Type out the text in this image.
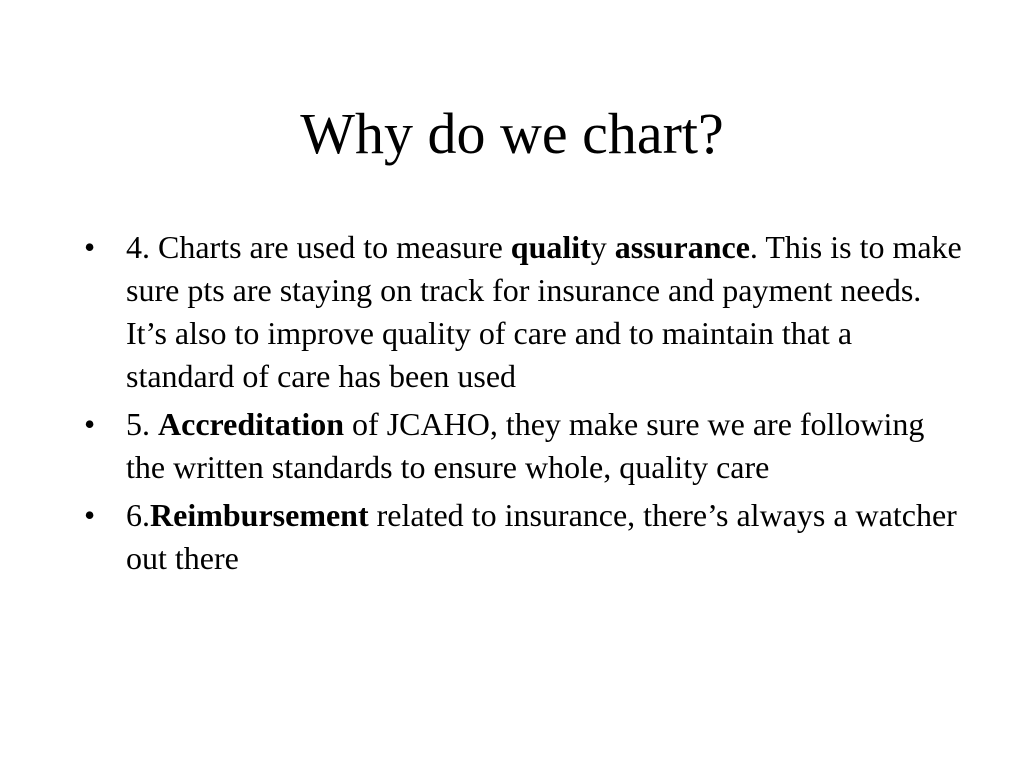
Why do we chart?
• 4. Charts are used to measure quality assurance. This is to make sure pts are staying on track for insurance and payment needs. It’s also to improve quality of care and to maintain that a standard of care has been used
• 5. Accreditation of JCAHO, they make sure we are following the written standards to ensure whole, quality care
• 6.Reimbursement related to insurance, there’s always a watcher out there
